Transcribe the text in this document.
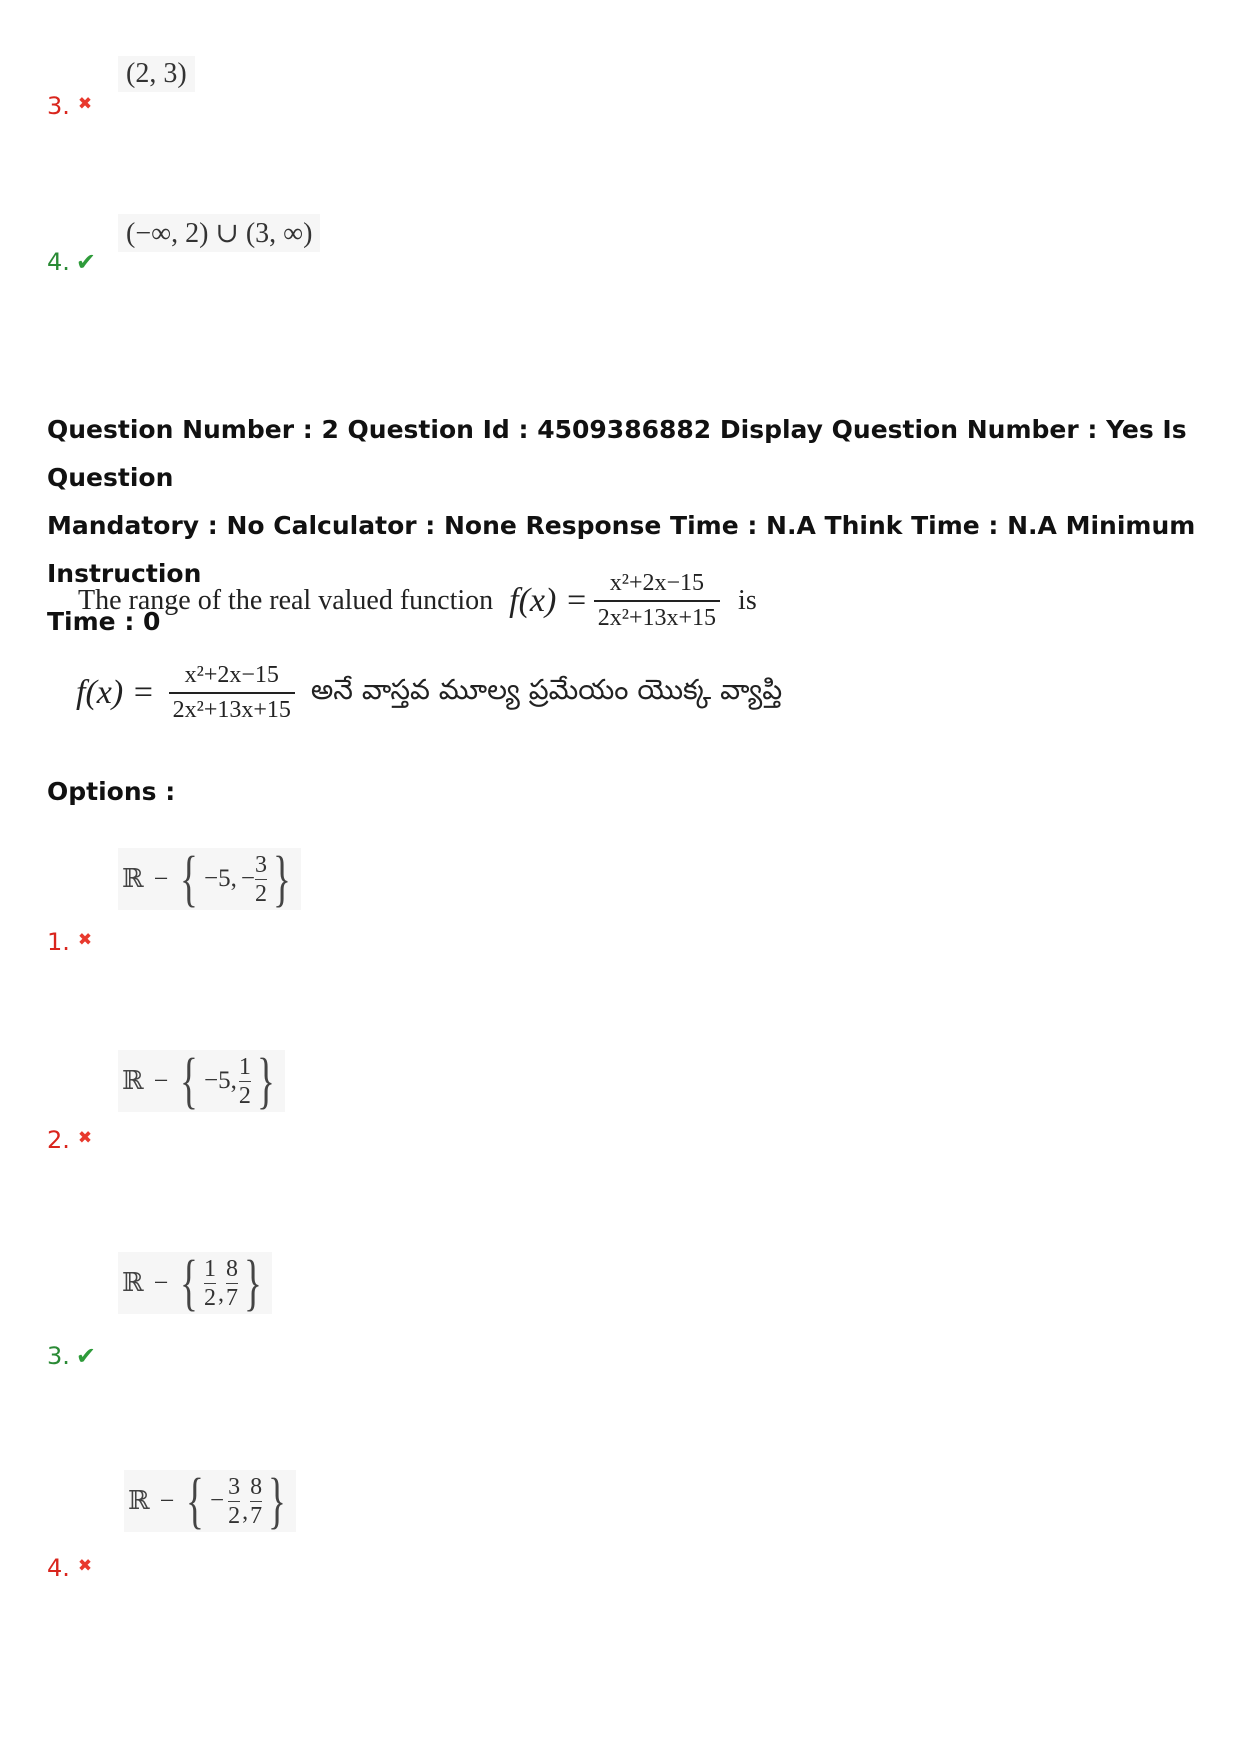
(2, 3)
3. ✖
(−∞, 2) ∪ (3, ∞)
4. ✔
Question Number : 2 Question Id : 4509386882 Display Question Number : Yes Is Question
Mandatory : No Calculator : None Response Time : N.A Think Time : N.A Minimum Instruction
Time : 0
The range of the real valued function $f(x) = \frac{\text{x²+2x−15}}{\text{2x²+13x+15}}$ is
$f(x) = \frac{\text{x²+2x−15}}{\text{2x²+13x+15}}$ అనే వాస్తవ మూల్య ప్రమేయం యొక్క వ్యాప్తి
Options :
ℝ − { −5, − $\frac{3}{2}$ }
1. ✖
ℝ − { −5, $\frac{1}{2}$ }
2. ✖
ℝ − { $\frac{1}{2}$ , $\frac{8}{7}$ }
3. ✔
ℝ − { − $\frac{3}{2}$ , $\frac{8}{7}$ }
4. ✖
